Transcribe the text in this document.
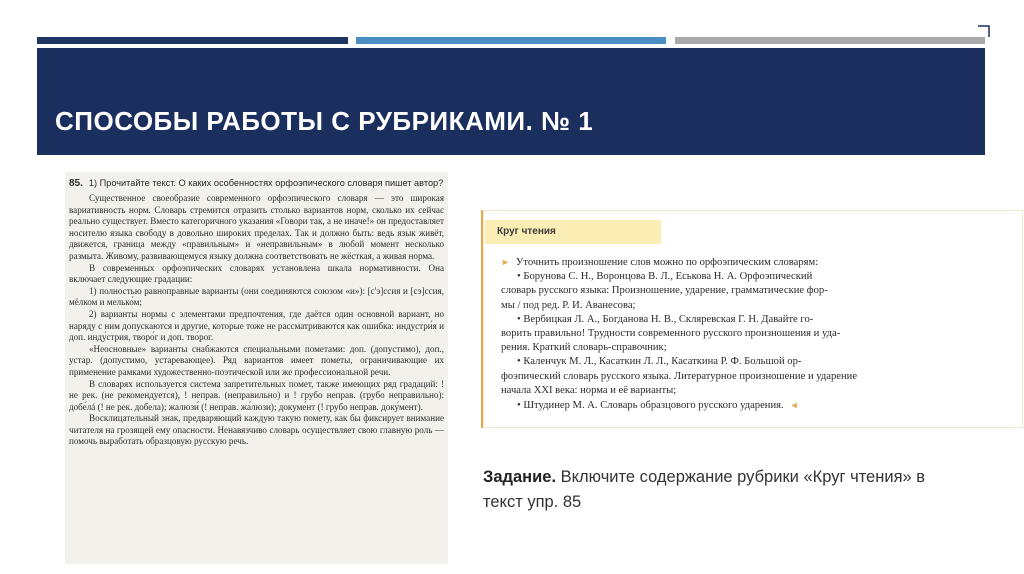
СПОСОБЫ РАБОТЫ С РУБРИКАМИ. № 1
85. 1) Прочитайте текст. О каких особенностях орфоэпического словаря пишет автор?

Существенное своеобразие современного орфоэпического словаря — это широкая вариативность норм. Словарь стремится отразить столько вариантов норм, сколько их сейчас реально существует. Вместо категоричного указания «Говори так, а не иначе!» он предоставляет носителю языка свободу в довольно широких пределах. Так и должно быть: ведь язык живёт, движется, граница между «правильным» и «неправильным» в любой момент несколько размыта. Живому, развивающемуся языку должна соответствовать не жёсткая, а живая норма.

В современных орфоэпических словарях установлена шкала нормативности. Она включает следующие градации:

1) полностью равноправные варианты (они соединяются союзом «и»): [с'э]ссия и [сэ]ссия, мёлком и мелько́м;

2) варианты нормы с элементами предпочтения, где даётся один основной вариант, но наряду с ним допускаются и другие, которые тоже не рассматриваются как ошибка: индустри́я и доп. инду́стрия, творо́г и доп. тво́рог.

«Неосновные» варианты снабжаются специальными пометами: доп. (допустимо), доп., устар. (допустимо, устаревающее). Ряд вариантов имеет пометы, ограничивающие их применение рамками художественно-поэтической или же профессиональной речи.

В словарях используется система запретительных помет, также имеющих ряд градаций: ! не рек. (не рекомендуется), ! неправ. (неправильно) и ! грубо неправ. (грубо неправильно): добе́лá (! не рек. добела); жалюзи́ (! неправ. жа́люзи); докуме́нт (! грубо неправ. доку́мент).

Восклицательный знак, предваряющий каждую такую помету, как бы фиксирует внимание читателя на грозящей ему опасности. Ненавязчиво словарь осуществляет свою главную роль — помочь выработать образцовую русскую речь.

Круг чтения
► Уточнить произношение слов можно по орфоэпическим словарям:
• Борунова С. Н., Воронцова В. Л., Еськова Н. А. Орфоэпический
словарь русского языка: Произношение, ударение, грамматические фор-
мы / под ред. Р. И. Аванесова;
• Вербицкая Л. А., Богданова Н. В., Скляревская Г. Н. Давайте го-
ворить правильно! Трудности современного русского произношения и уда-
рения. Краткий словарь-справочник;
• Каленчук М. Л., Касаткин Л. Л., Касаткина Р. Ф. Большой ор-
фоэпический словарь русского языка. Литературное произношение и ударение
начала XXI века: норма и её варианты;
• Штудинер М. А. Словарь образцового русского ударения. ◄
Задание. Включите содержание рубрики «Круг чтения» в текст упр. 85
